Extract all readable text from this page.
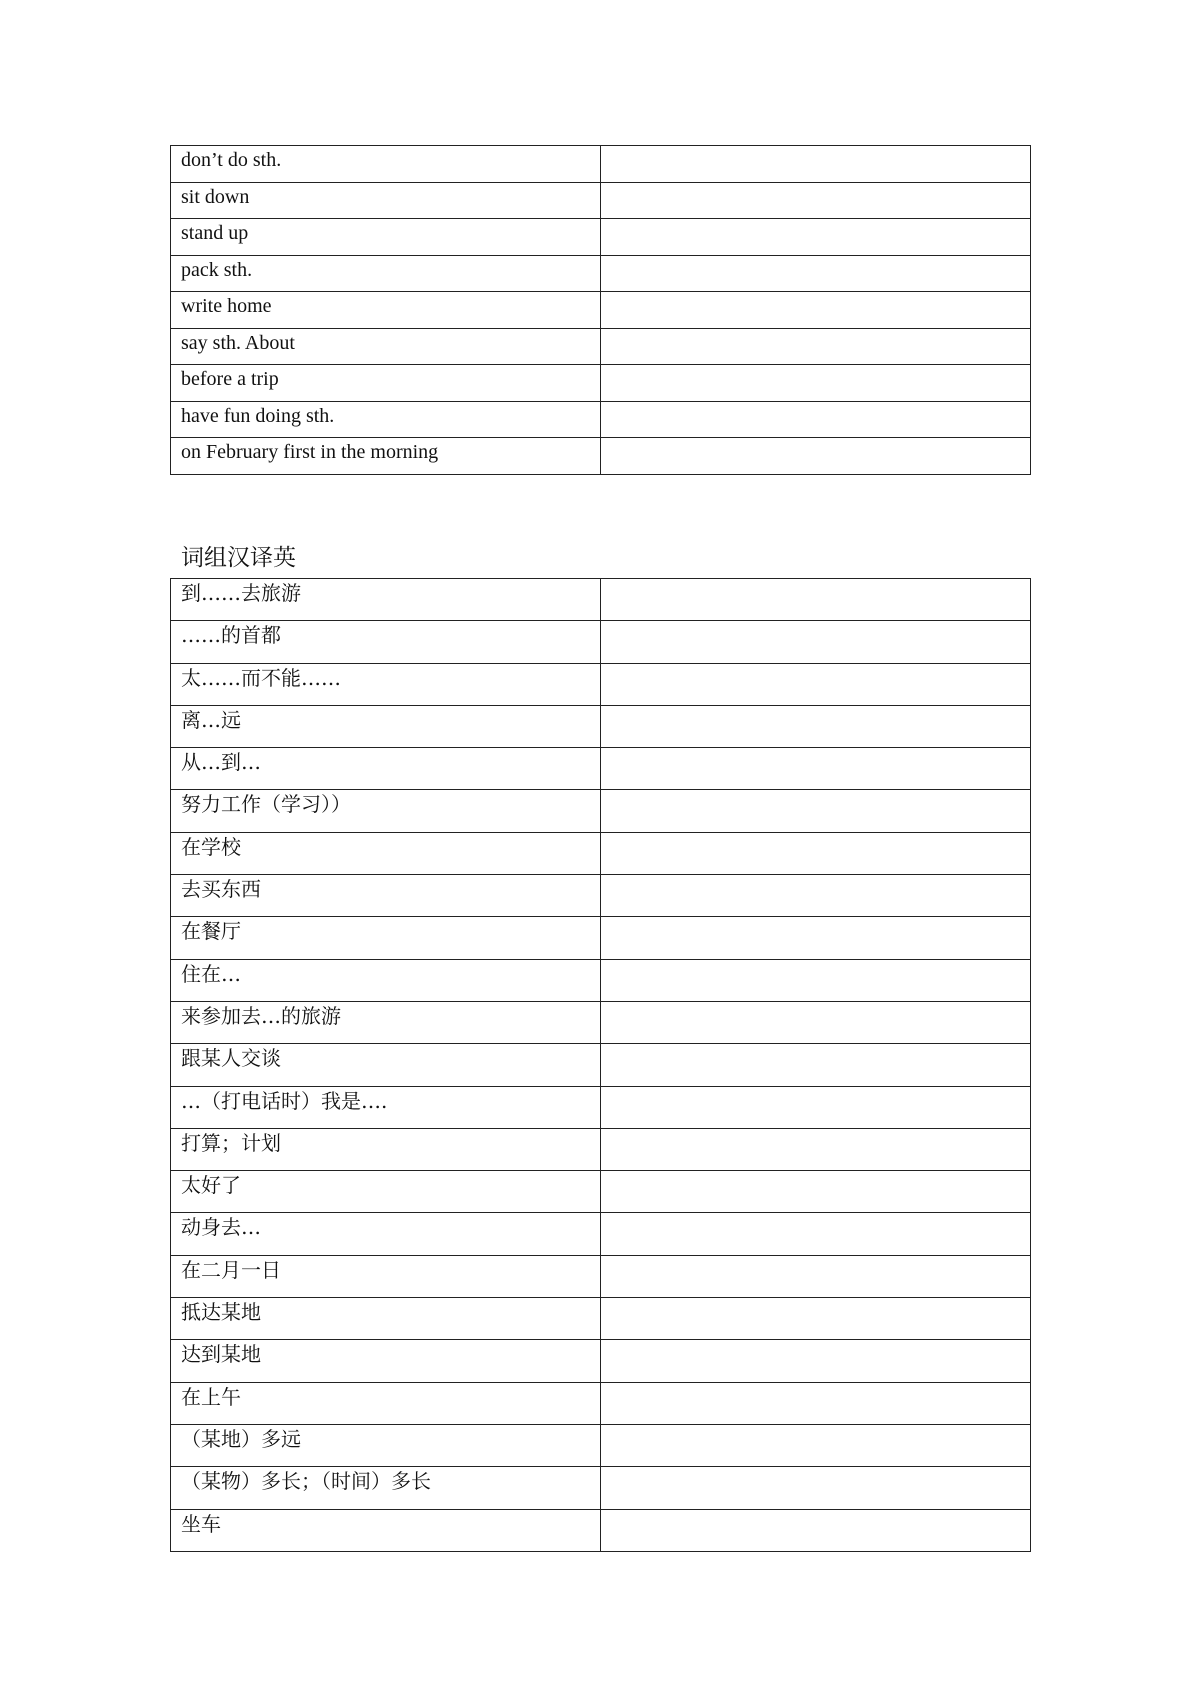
don’t do sth.	
sit down	
stand up	
pack sth.	
write home	
say sth. About	
before a trip	
have fun doing sth.	
on February first in the morning	
词组汉译英
到……去旅游	
……的首都	
太……而不能……	
离…远	
从…到…	
努力工作（学习））	
在学校	
去买东西	
在餐厅	
住在…	
来参加去…的旅游	
跟某人交谈	
…（打电话时）我是….	
打算；计划	
太好了	
动身去…	
在二月一日	
抵达某地	
达到某地	
在上午	
（某地）多远	
（某物）多长；（时间）多长	
坐车	
